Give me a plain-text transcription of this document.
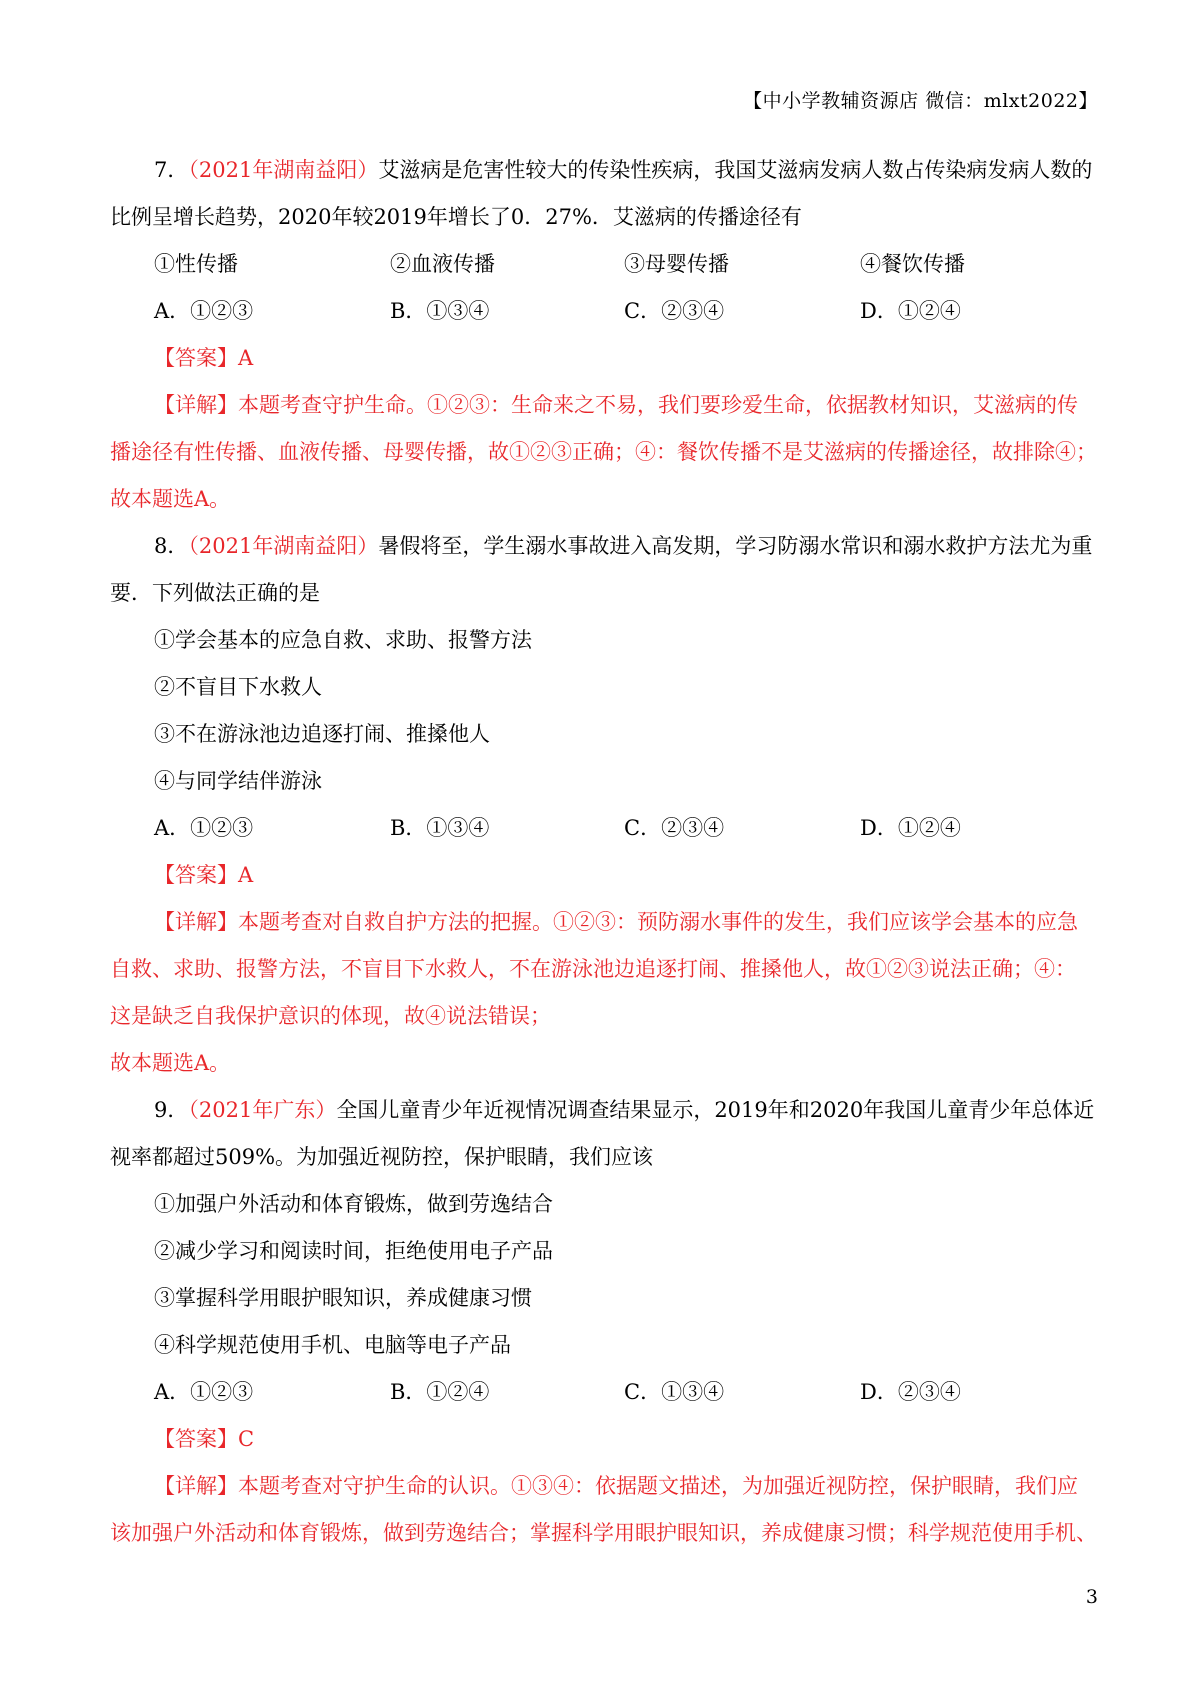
【中小学教辅资源店 微信：mlxt2022】
7．（2021年湖南益阳）艾滋病是危害性较大的传染性疾病，我国艾滋病发病人数占传染病发病人数的
比例呈增长趋势，2020年较2019年增长了0．27%．艾滋病的传播途径有
①性传播	②血液传播	③母婴传播	④餐饮传播
A．①②③	B．①③④	C．②③④	D．①②④
【答案】A
【详解】本题考查守护生命。①②③：生命来之不易，我们要珍爱生命，依据教材知识，艾滋病的传
播途径有性传播、血液传播、母婴传播，故①②③正确；④：餐饮传播不是艾滋病的传播途径，故排除④；
故本题选A。
8．（2021年湖南益阳）暑假将至，学生溺水事故进入高发期，学习防溺水常识和溺水救护方法尤为重
要．下列做法正确的是
①学会基本的应急自救、求助、报警方法
②不盲目下水救人
③不在游泳池边追逐打闹、推搡他人
④与同学结伴游泳
A．①②③	B．①③④	C．②③④	D．①②④
【答案】A
【详解】本题考查对自救自护方法的把握。①②③：预防溺水事件的发生，我们应该学会基本的应急
自救、求助、报警方法，不盲目下水救人，不在游泳池边追逐打闹、推搡他人，故①②③说法正确；④：
这是缺乏自我保护意识的体现，故④说法错误；
故本题选A。
9．（2021年广东）全国儿童青少年近视情况调查结果显示，2019年和2020年我国儿童青少年总体近
视率都超过509%。为加强近视防控，保护眼睛，我们应该
①加强户外活动和体育锻炼，做到劳逸结合
②减少学习和阅读时间，拒绝使用电子产品
③掌握科学用眼护眼知识，养成健康习惯
④科学规范使用手机、电脑等电子产品
A．①②③	B．①②④	C．①③④	D．②③④
【答案】C
【详解】本题考查对守护生命的认识。①③④：依据题文描述，为加强近视防控，保护眼睛，我们应
该加强户外活动和体育锻炼，做到劳逸结合；掌握科学用眼护眼知识，养成健康习惯；科学规范使用手机、
3
